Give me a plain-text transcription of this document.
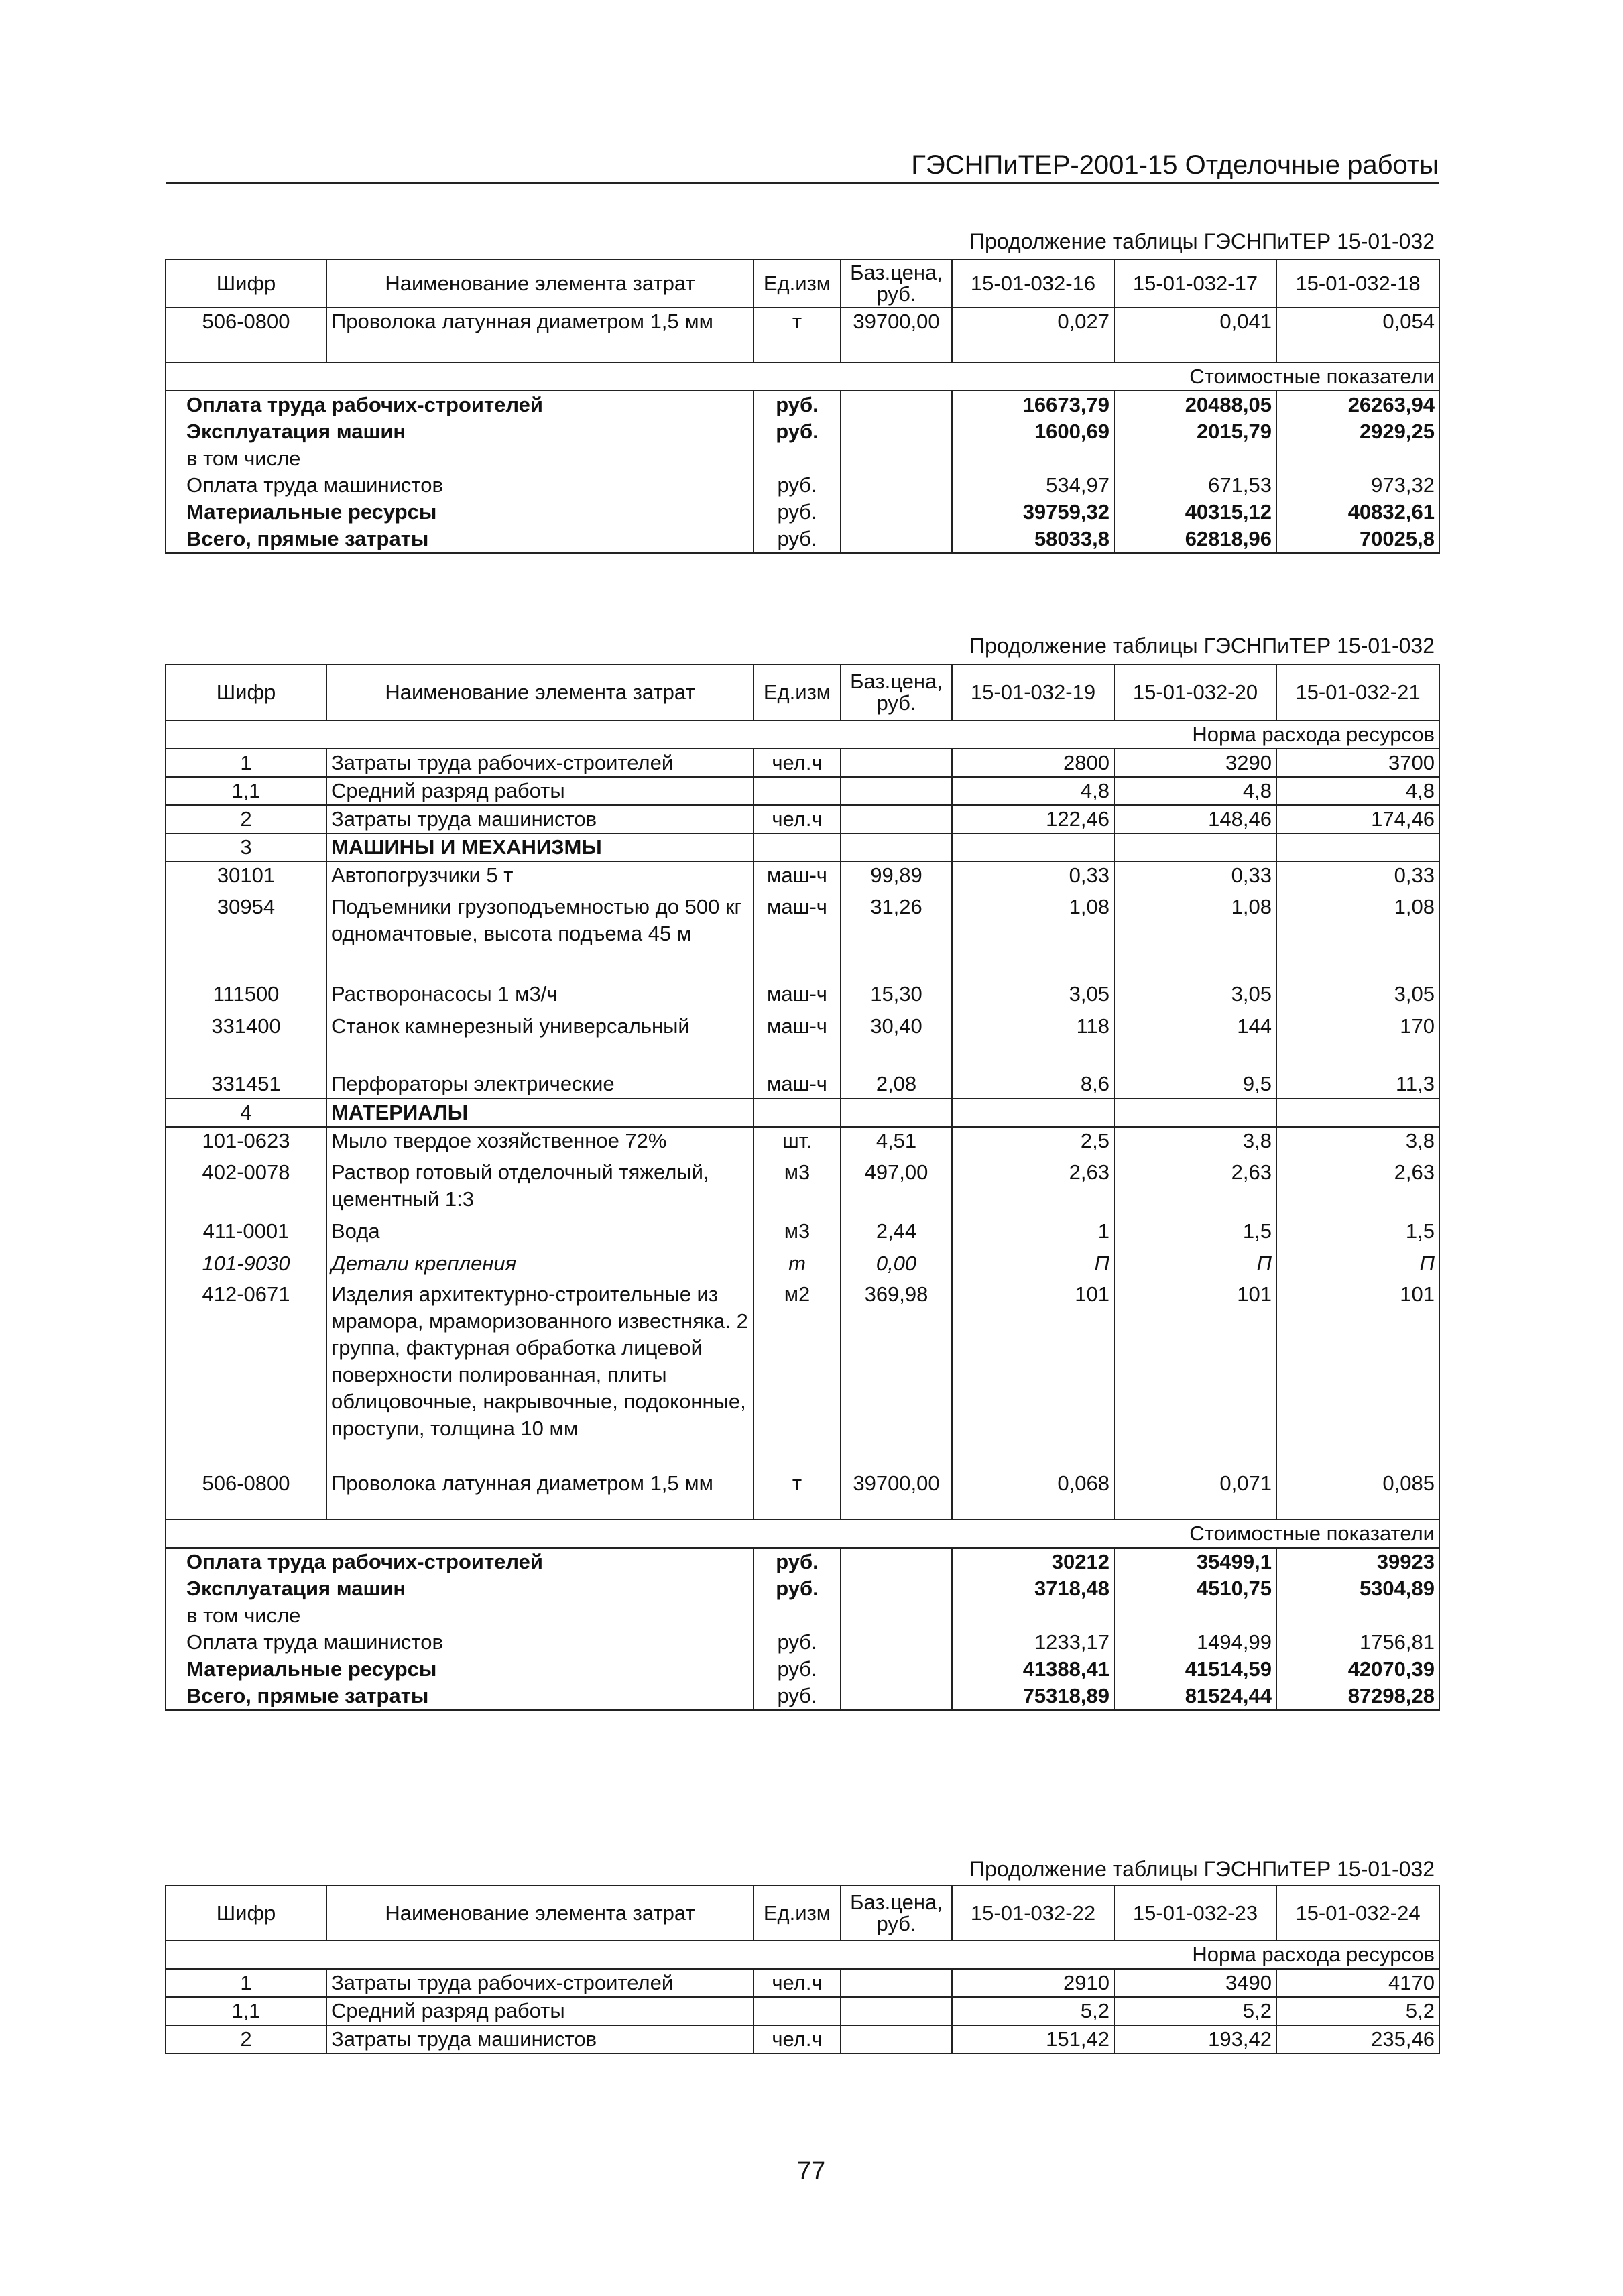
ГЭСНПиТЕР-2001-15 Отделочные работы
Продолжение таблицы ГЭСНПиТЕР 15-01-032
Шифр	Наименование элемента затрат	Ед.изм	Баз.цена, руб.	15-01-032-16	15-01-032-17	15-01-032-18
506-0800	Проволока латунная диаметром 1,5 мм	т	39700,00	0,027	0,041	0,054
Стоимостные показатели						
Оплата труда рабочих-строителей		руб.		16673,79	20488,05	26263,94
Эксплуатация машин		руб.		1600,69	2015,79	2929,25
в том числе						
Оплата труда машинистов		руб.		534,97	671,53	973,32
Материальные ресурсы		руб.		39759,32	40315,12	40832,61
Всего, прямые затраты		руб.		58033,8	62818,96	70025,8
Продолжение таблицы ГЭСНПиТЕР 15-01-032
Шифр	Наименование элемента затрат	Ед.изм	Баз.цена, руб.	15-01-032-19	15-01-032-20	15-01-032-21
Норма расхода ресурсов						
1	Затраты труда рабочих-строителей	чел.ч		2800	3290	3700
1,1	Средний разряд работы			4,8	4,8	4,8
2	Затраты труда машинистов	чел.ч		122,46	148,46	174,46
3	МАШИНЫ И МЕХАНИЗМЫ					
30101	Автопогрузчики 5 т	маш-ч	99,89	0,33	0,33	0,33
30954	Подъемники грузоподъемностью до 500 кг одномачтовые, высота подъема 45 м	маш-ч	31,26	1,08	1,08	1,08
111500	Растворонасосы 1 м3/ч	маш-ч	15,30	3,05	3,05	3,05
331400	Станок камнерезный универсальный	маш-ч	30,40	118	144	170
331451	Перфораторы электрические	маш-ч	2,08	8,6	9,5	11,3
4	МАТЕРИАЛЫ					
101-0623	Мыло твердое хозяйственное 72%	шт.	4,51	2,5	3,8	3,8
402-0078	Раствор готовый отделочный тяжелый, цементный 1:3	м3	497,00	2,63	2,63	2,63
411-0001	Вода	м3	2,44	1	1,5	1,5
101-9030	Детали крепления	т	0,00	П	П	П
412-0671	Изделия архитектурно-строительные из мрамора, мраморизованного известняка. 2 группа, фактурная обработка лицевой поверхности полированная, плиты облицовочные, накрывочные, подоконные, проступи, толщина 10 мм	м2	369,98	101	101	101
506-0800	Проволока латунная диаметром 1,5 мм	т	39700,00	0,068	0,071	0,085
Стоимостные показатели						
Оплата труда рабочих-строителей		руб.		30212	35499,1	39923
Эксплуатация машин		руб.		3718,48	4510,75	5304,89
в том числе						
Оплата труда машинистов		руб.		1233,17	1494,99	1756,81
Материальные ресурсы		руб.		41388,41	41514,59	42070,39
Всего, прямые затраты		руб.		75318,89	81524,44	87298,28
Продолжение таблицы ГЭСНПиТЕР 15-01-032
Шифр	Наименование элемента затрат	Ед.изм	Баз.цена, руб.	15-01-032-22	15-01-032-23	15-01-032-24
Норма расхода ресурсов						
1	Затраты труда рабочих-строителей	чел.ч		2910	3490	4170
1,1	Средний разряд работы			5,2	5,2	5,2
2	Затраты труда машинистов	чел.ч		151,42	193,42	235,46
77
